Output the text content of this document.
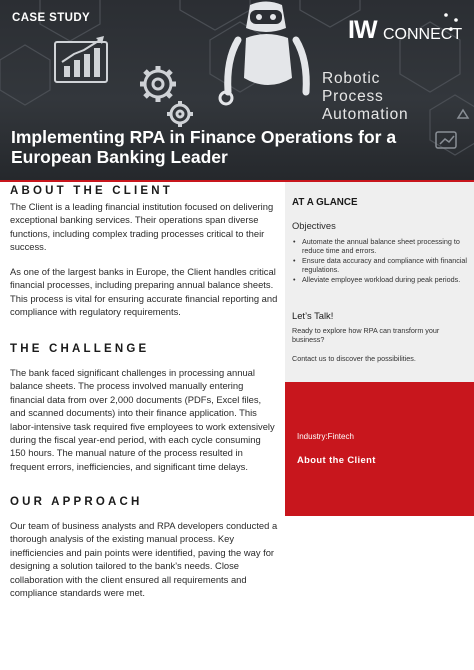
CASE STUDY	IW CONNECT
Robotic
Process
Automation
Implementing RPA in Finance Operations for a European Banking Leader
ABOUT THE CLIENT

The Client is a leading financial institution focused on delivering exceptional banking services. Their operations span diverse functions, including complex trading processes critical to their success.

As one of the largest banks in Europe, the Client handles critical financial processes, including preparing annual balance sheets. This process is vital for ensuring accurate financial reporting and compliance with regulatory requirements.

THE CHALLENGE

The bank faced significant challenges in processing annual balance sheets. The process involved manually entering financial data from over 2,000 documents (PDFs, Excel files, and scanned documents) into their finance application. This labor-intensive task required five employees to work extensively during the fiscal year-end period, with each cycle consuming 150 hours. The manual nature of the process resulted in frequent errors, inefficiencies, and significant time delays.

OUR APPROACH

Our team of business analysts and RPA developers conducted a thorough analysis of the existing manual process. Key inefficiencies and pain points were identified, paving the way for designing a solution tailored to the bank's needs. Close collaboration with the client ensured all requirements and compliance standards were met.

AT A GLANCE
Objectives
• Automate the annual balance sheet processing to reduce time and errors.
• Ensure data accuracy and compliance with financial regulations.
• Alleviate employee workload during peak periods.
Let’s Talk!

Ready to explore how RPA can transform your business?

Contact us to discover the possibilities.

Industry:Fintech
About the Client
